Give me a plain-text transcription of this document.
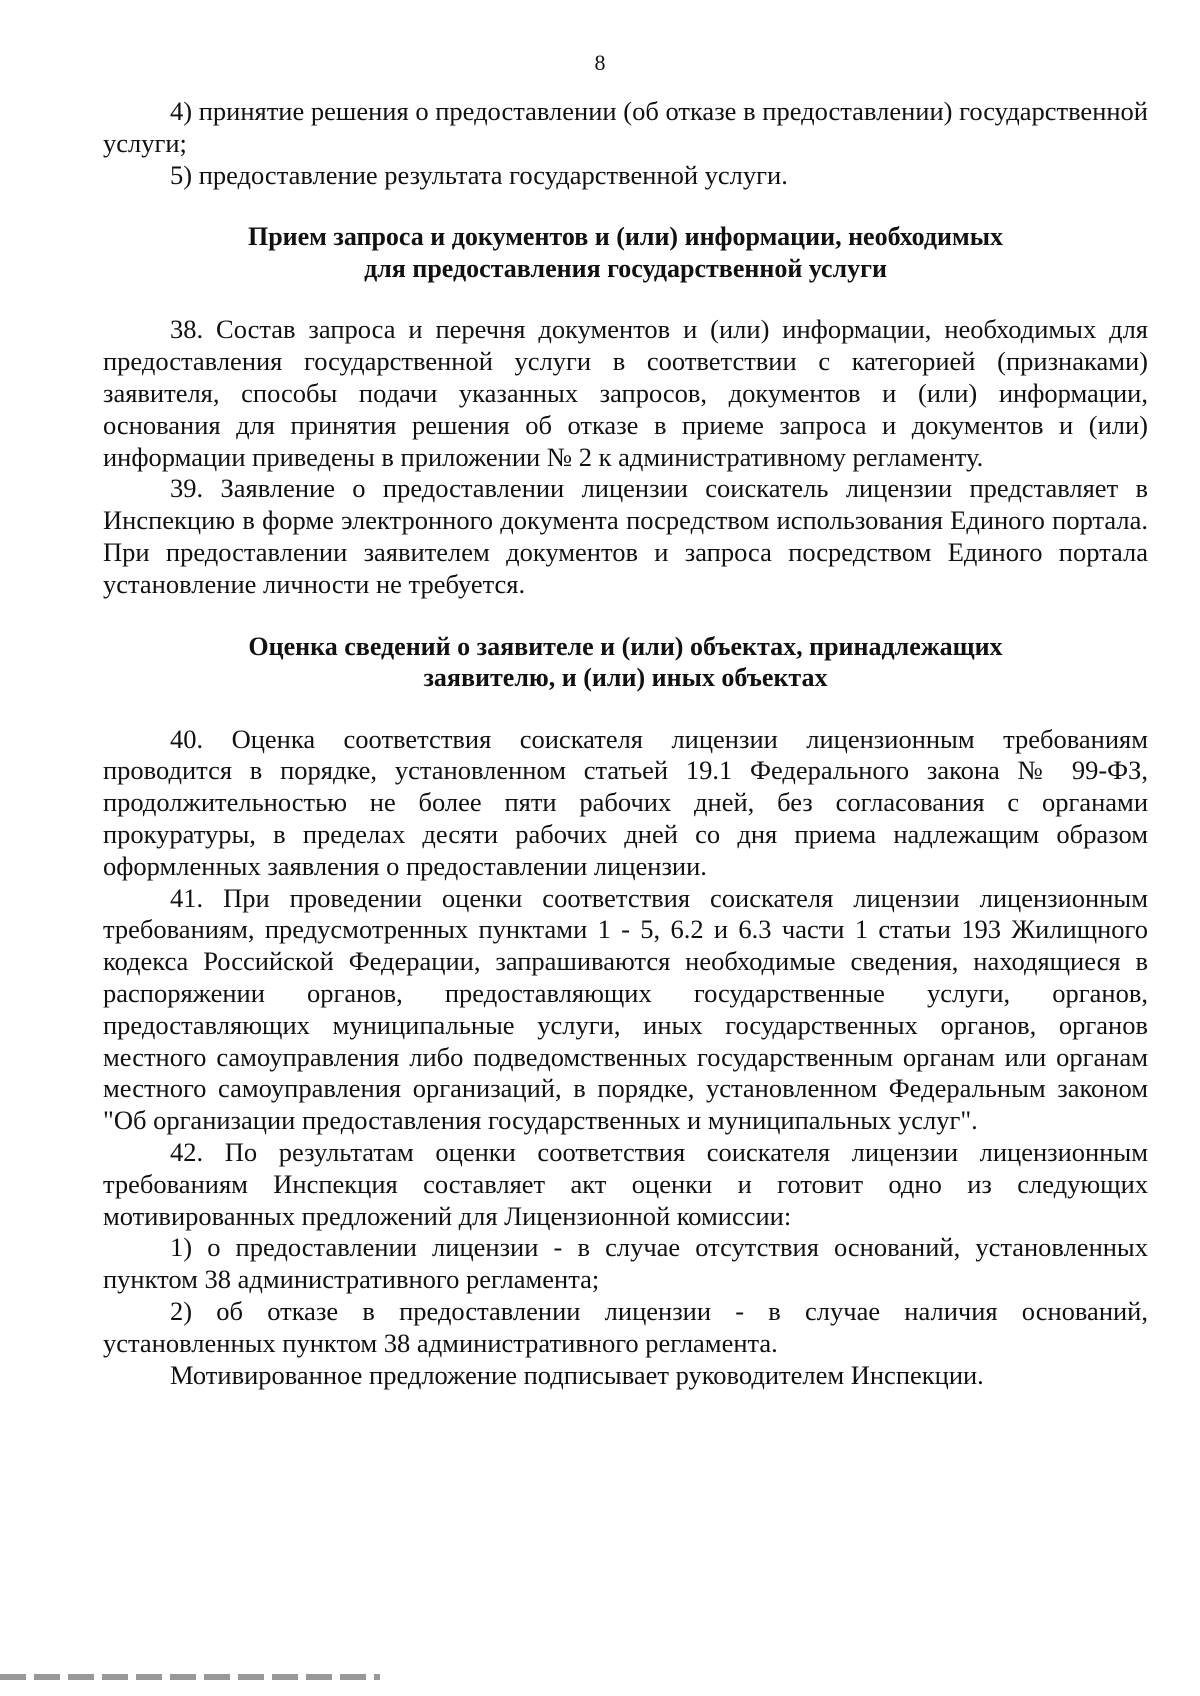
8

4) принятие решения о предоставлении (об отказе в предоставлении) государственной услуги;

5) предоставление результата государственной услуги.

Прием запроса и документов и (или) информации, необходимых
для предоставления государственной услуги

38. Состав запроса и перечня документов и (или) информации, необходимых для предоставления государственной услуги в соответствии с категорией (признаками) заявителя, способы подачи указанных запросов, документов и (или) информации, основания для принятия решения об отказе в приеме запроса и документов и (или) информации приведены в приложении № 2 к административному регламенту.

39. Заявление о предоставлении лицензии соискатель лицензии представляет в Инспекцию в форме электронного документа посредством использования Единого портала. При предоставлении заявителем документов и запроса посредством Единого портала установление личности не требуется.

Оценка сведений о заявителе и (или) объектах, принадлежащих
заявителю, и (или) иных объектах

40. Оценка соответствия соискателя лицензии лицензионным требованиям проводится в порядке, установленном статьей 19.1 Федерального закона № 99-ФЗ, продолжительностью не более пяти рабочих дней, без согласования с органами прокуратуры, в пределах десяти рабочих дней со дня приема надлежащим образом оформленных заявления о предоставлении лицензии.

41. При проведении оценки соответствия соискателя лицензии лицензионным требованиям, предусмотренных пунктами 1 - 5, 6.2 и 6.3 части 1 статьи 193 Жилищного кодекса Российской Федерации, запрашиваются необходимые сведения, находящиеся в распоряжении органов, предоставляющих государственные услуги, органов, предоставляющих муниципальные услуги, иных государственных органов, органов местного самоуправления либо подведомственных государственным органам или органам местного самоуправления организаций, в порядке, установленном Федеральным законом "Об организации предоставления государственных и муниципальных услуг".

42. По результатам оценки соответствия соискателя лицензии лицензионным требованиям Инспекция составляет акт оценки и готовит одно из следующих мотивированных предложений для Лицензионной комиссии:

1) о предоставлении лицензии - в случае отсутствия оснований, установленных пунктом 38 административного регламента;

2) об отказе в предоставлении лицензии - в случае наличия оснований, установленных пунктом 38 административного регламента.

Мотивированное предложение подписывает руководителем Инспекции.
